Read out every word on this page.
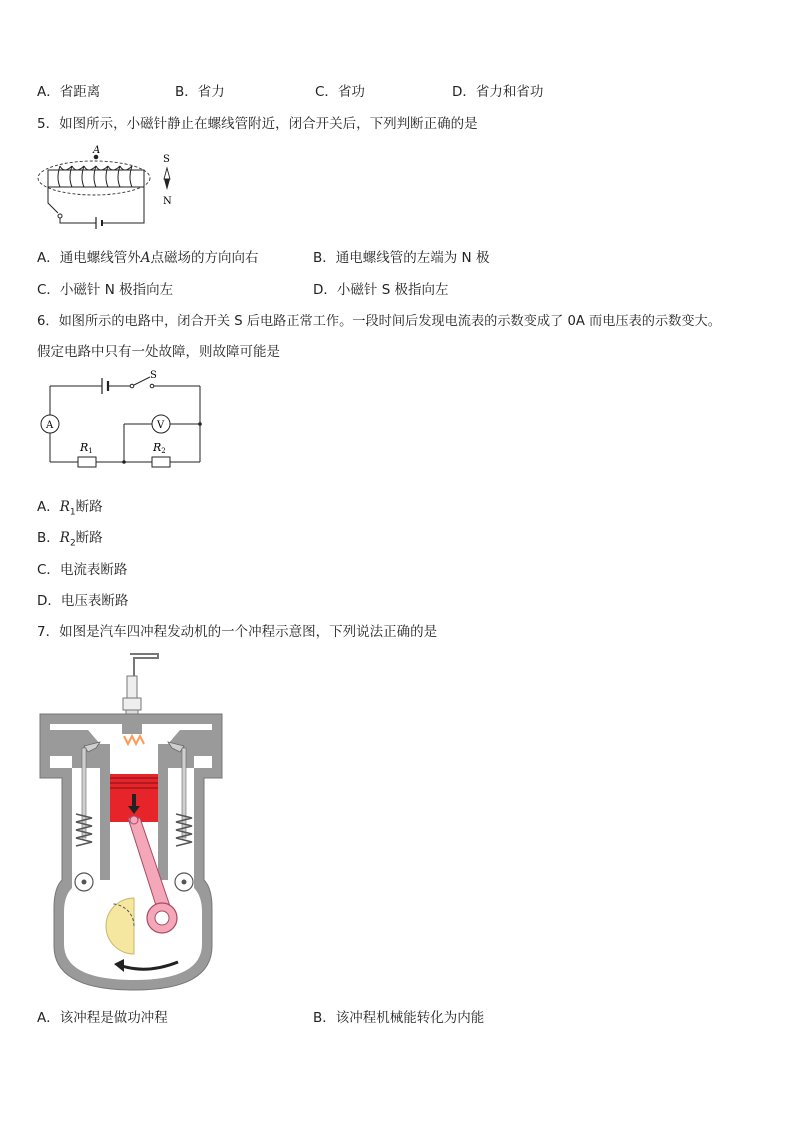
A．省距离	B．省力	C．省功	D．省力和省功
5．如图所示，小磁针静止在螺线管附近，闭合开关后，下列判断正确的是
A
S
N
A．通电螺线管外A点磁场的方向向右	B．通电螺线管的左端为 N 极
C．小磁针 N 极指向左	D．小磁针 S 极指向左
6．如图所示的电路中，闭合开关 S 后电路正常工作。一段时间后发现电流表的示数变成了 0A 而电压表的示数变大。
假定电路中只有一处故障，则故障可能是
S
A
R1	R2
V
A．$R_1$断路
B．$R_2$断路
C．电流表断路
D．电压表断路
7．如图是汽车四冲程发动机的一个冲程示意图，下列说法正确的是
A．该冲程是做功冲程	B．该冲程机械能转化为内能
